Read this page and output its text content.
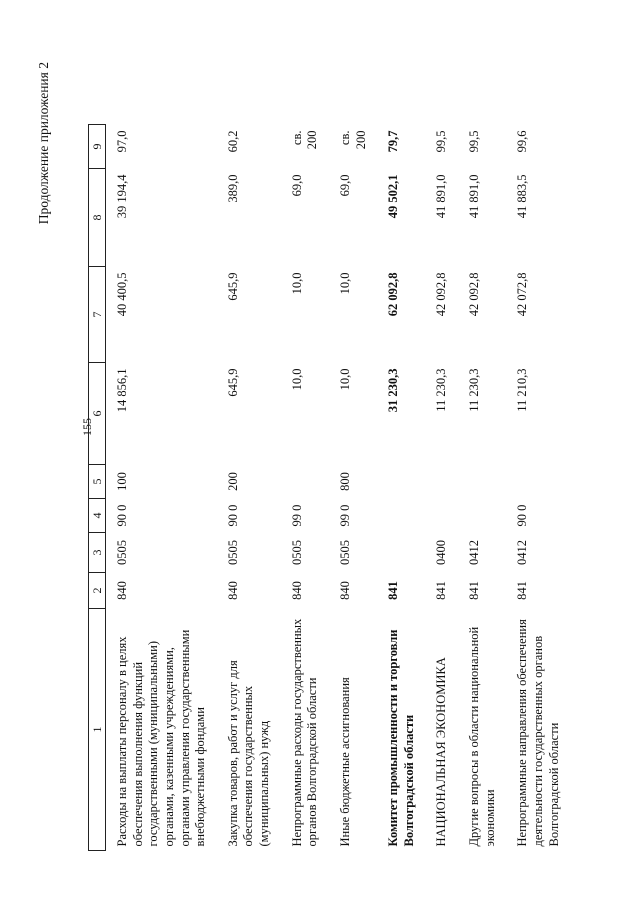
155
Продолжение приложения 2
1	2	3	4	5	6	7	8	9
Расходы на выплаты персоналу в целях обеспечения выполнения функций государственными (муниципальными) органами, казенными учреждениями, органами управления государственными внебюджетными фондами	840	0505	90 0	100	14 856,1	40 400,5	39 194,4	97,0
Закупка товаров, работ и услуг для обеспечения государственных (муниципальных) нужд	840	0505	90 0	200	645,9	645,9	389,0	60,2
Непрограммные расходы государственных органов Волгоградской области	840	0505	99 0		10,0	10,0	69,0	св. 200
Иные бюджетные ассигнования	840	0505	99 0	800	10,0	10,0	69,0	св. 200
Комитет промышленности и торговли Волгоградской области	841				31 230,3	62 092,8	49 502,1	79,7
НАЦИОНАЛЬНАЯ ЭКОНОМИКА	841	0400			11 230,3	42 092,8	41 891,0	99,5
Другие вопросы в области национальной экономики	841	0412			11 230,3	42 092,8	41 891,0	99,5
Непрограммные направления обеспечения деятельности государственных органов Волгоградской области	841	0412	90 0		11 210,3	42 072,8	41 883,5	99,6
